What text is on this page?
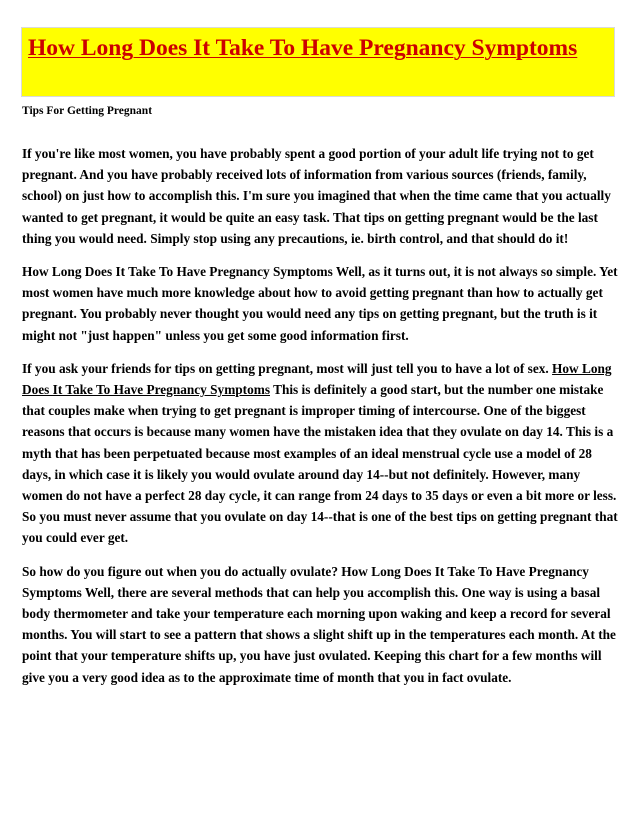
How Long Does It Take To Have Pregnancy Symptoms

Tips For Getting Pregnant

If you're like most women, you have probably spent a good portion of your adult life trying not to get pregnant. And you have probably received lots of information from various sources (friends, family, school) on just how to accomplish this. I'm sure you imagined that when the time came that you actually wanted to get pregnant, it would be quite an easy task. That tips on getting pregnant would be the last thing you would need. Simply stop using any precautions, ie. birth control, and that should do it!

How Long Does It Take To Have Pregnancy Symptoms Well, as it turns out, it is not always so simple. Yet most women have much more knowledge about how to avoid getting pregnant than how to actually get pregnant. You probably never thought you would need any tips on getting pregnant, but the truth is it might not "just happen" unless you get some good information first.

If you ask your friends for tips on getting pregnant, most will just tell you to have a lot of sex. How Long Does It Take To Have Pregnancy Symptoms This is definitely a good start, but the number one mistake that couples make when trying to get pregnant is improper timing of intercourse. One of the biggest reasons that occurs is because many women have the mistaken idea that they ovulate on day 14. This is a myth that has been perpetuated because most examples of an ideal menstrual cycle use a model of 28 days, in which case it is likely you would ovulate around day 14--but not definitely. However, many women do not have a perfect 28 day cycle, it can range from 24 days to 35 days or even a bit more or less. So you must never assume that you ovulate on day 14--that is one of the best tips on getting pregnant that you could ever get.

So how do you figure out when you do actually ovulate? How Long Does It Take To Have Pregnancy Symptoms Well, there are several methods that can help you accomplish this. One way is using a basal body thermometer and take your temperature each morning upon waking and keep a record for several months. You will start to see a pattern that shows a slight shift up in the temperatures each month. At the point that your temperature shifts up, you have just ovulated. Keeping this chart for a few months will give you a very good idea as to the approximate time of month that you in fact ovulate.
